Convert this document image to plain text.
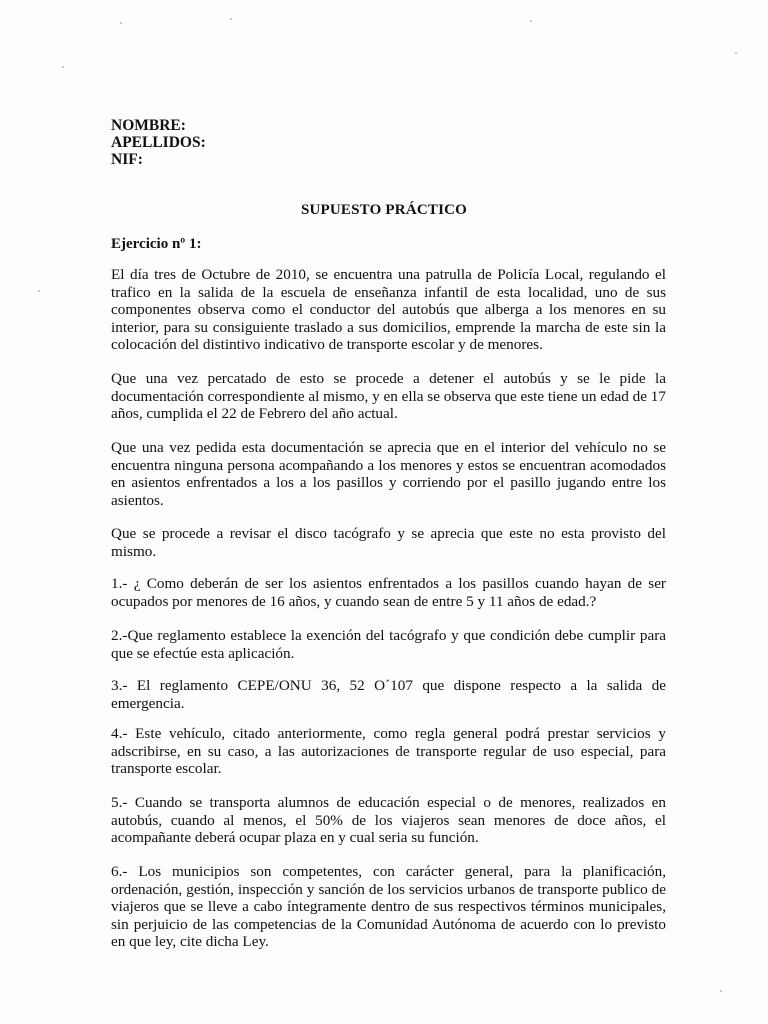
NOMBRE:
APELLIDOS:
NIF:
SUPUESTO PRÁCTICO
Ejercicio nº 1:

El día tres de Octubre de 2010, se encuentra una patrulla de Policía Local, regulando el trafico en la salida de la escuela de enseñanza infantil de esta localidad, uno de sus componentes observa como el conductor del autobús que alberga a los menores en su interior, para su consiguiente traslado a sus domicilios, emprende la marcha de este sin la colocación del distintivo indicativo de transporte escolar y de menores.

Que una vez percatado de esto se procede a detener el autobús y se le pide la documentación correspondiente al mismo, y en ella se observa que este tiene un edad de 17 años, cumplida el 22 de Febrero del año actual.

Que una vez pedida esta documentación se aprecia que en el interior del vehículo no se encuentra ninguna persona acompañando a los menores y estos se encuentran acomodados en asientos enfrentados a los a los pasillos y corriendo por el pasillo jugando entre los asientos.

Que se procede a revisar el disco tacógrafo y se aprecia que este no esta provisto del mismo.

1.- ¿ Como deberán de ser los asientos enfrentados a los pasillos cuando hayan de ser ocupados por menores de 16 años, y cuando sean de entre 5 y 11 años de edad.?

2.-Que reglamento establece la exención del tacógrafo y que condición debe cumplir para que se efectúe esta aplicación.

3.- El reglamento CEPE/ONU 36, 52 O´107 que dispone respecto a la salida de emergencia.

4.- Este vehículo, citado anteriormente, como regla general podrá prestar servicios y adscribirse, en su caso, a las autorizaciones de transporte regular de uso especial, para transporte escolar.

5.- Cuando se transporta alumnos de educación especial o de menores, realizados en autobús, cuando al menos, el 50% de los viajeros sean menores de doce años, el acompañante deberá ocupar plaza en y cual seria su función.

6.- Los municipios son competentes, con carácter general, para la planificación, ordenación, gestión, inspección y sanción de los servicios urbanos de transporte publico de viajeros que se lleve a cabo íntegramente dentro de sus respectivos términos municipales, sin perjuicio de las competencias de la Comunidad Autónoma de acuerdo con lo previsto en que ley, cite dicha Ley.
